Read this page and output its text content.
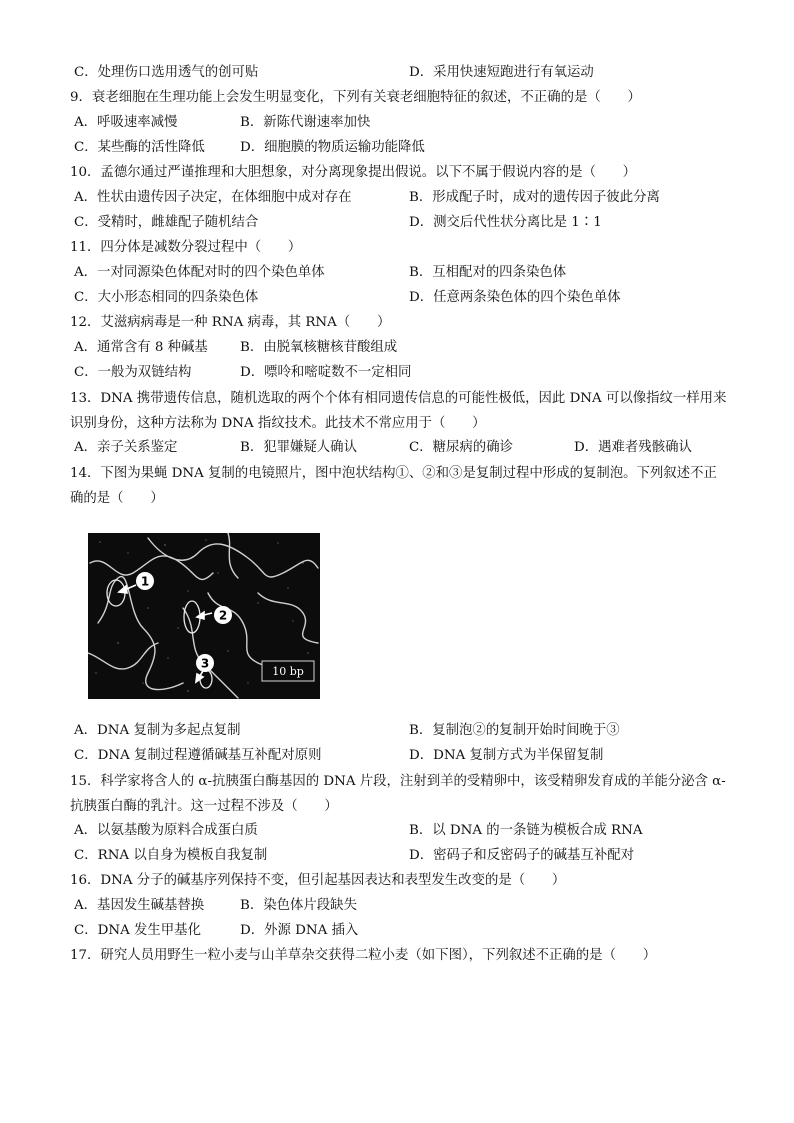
C．处理伤口选用透气的创可贴	D．采用快速短跑进行有氧运动
9．衰老细胞在生理功能上会发生明显变化，下列有关衰老细胞特征的叙述，不正确的是（　　）
A．呼吸速率减慢	B．新陈代谢速率加快
C．某些酶的活性降低	D．细胞膜的物质运输功能降低
10．孟德尔通过严谨推理和大胆想象，对分离现象提出假说。以下不属于假说内容的是（　　）
A．性状由遗传因子决定，在体细胞中成对存在	B．形成配子时，成对的遗传因子彼此分离
C．受精时，雌雄配子随机结合	D．测交后代性状分离比是 1∶1
11．四分体是减数分裂过程中（　　）
A．一对同源染色体配对时的四个染色单体	B．互相配对的四条染色体
C．大小形态相同的四条染色体	D．任意两条染色体的四个染色单体
12．艾滋病病毒是一种 RNA 病毒，其 RNA（　　）
A．通常含有 8 种碱基 B．由脱氧核糖核苷酸组成
C．一般为双链结构	D．嘌呤和嘧啶数不一定相同
13．DNA 携带遗传信息，随机选取的两个个体有相同遗传信息的可能性极低，因此 DNA 可以像指纹一样用来识别身份，这种方法称为 DNA 指纹技术。此技术不常应用于（　　）
A．亲子关系鉴定	B．犯罪嫌疑人确认	C．糖尿病的确诊	D．遇难者残骸确认
14．下图为果蝇 DNA 复制的电镜照片，图中泡状结构①、②和③是复制过程中形成的复制泡。下列叙述不正确的是（　　）
1
2
3
10 bp
A．DNA 复制为多起点复制	B．复制泡②的复制开始时间晚于③
C．DNA 复制过程遵循碱基互补配对原则	D．DNA 复制方式为半保留复制
15．科学家将含人的 α-抗胰蛋白酶基因的 DNA 片段，注射到羊的受精卵中，该受精卵发育成的羊能分泌含 α-抗胰蛋白酶的乳汁。这一过程不涉及（　　）
A．以氨基酸为原料合成蛋白质	B．以 DNA 的一条链为模板合成 RNA
C．RNA 以自身为模板自我复制	D．密码子和反密码子的碱基互补配对
16．DNA 分子的碱基序列保持不变，但引起基因表达和表型发生改变的是（　　）
A．基因发生碱基替换	B．染色体片段缺失
C．DNA 发生甲基化	D．外源 DNA 插入
17．研究人员用野生一粒小麦与山羊草杂交获得二粒小麦（如下图），下列叙述不正确的是（　　）
